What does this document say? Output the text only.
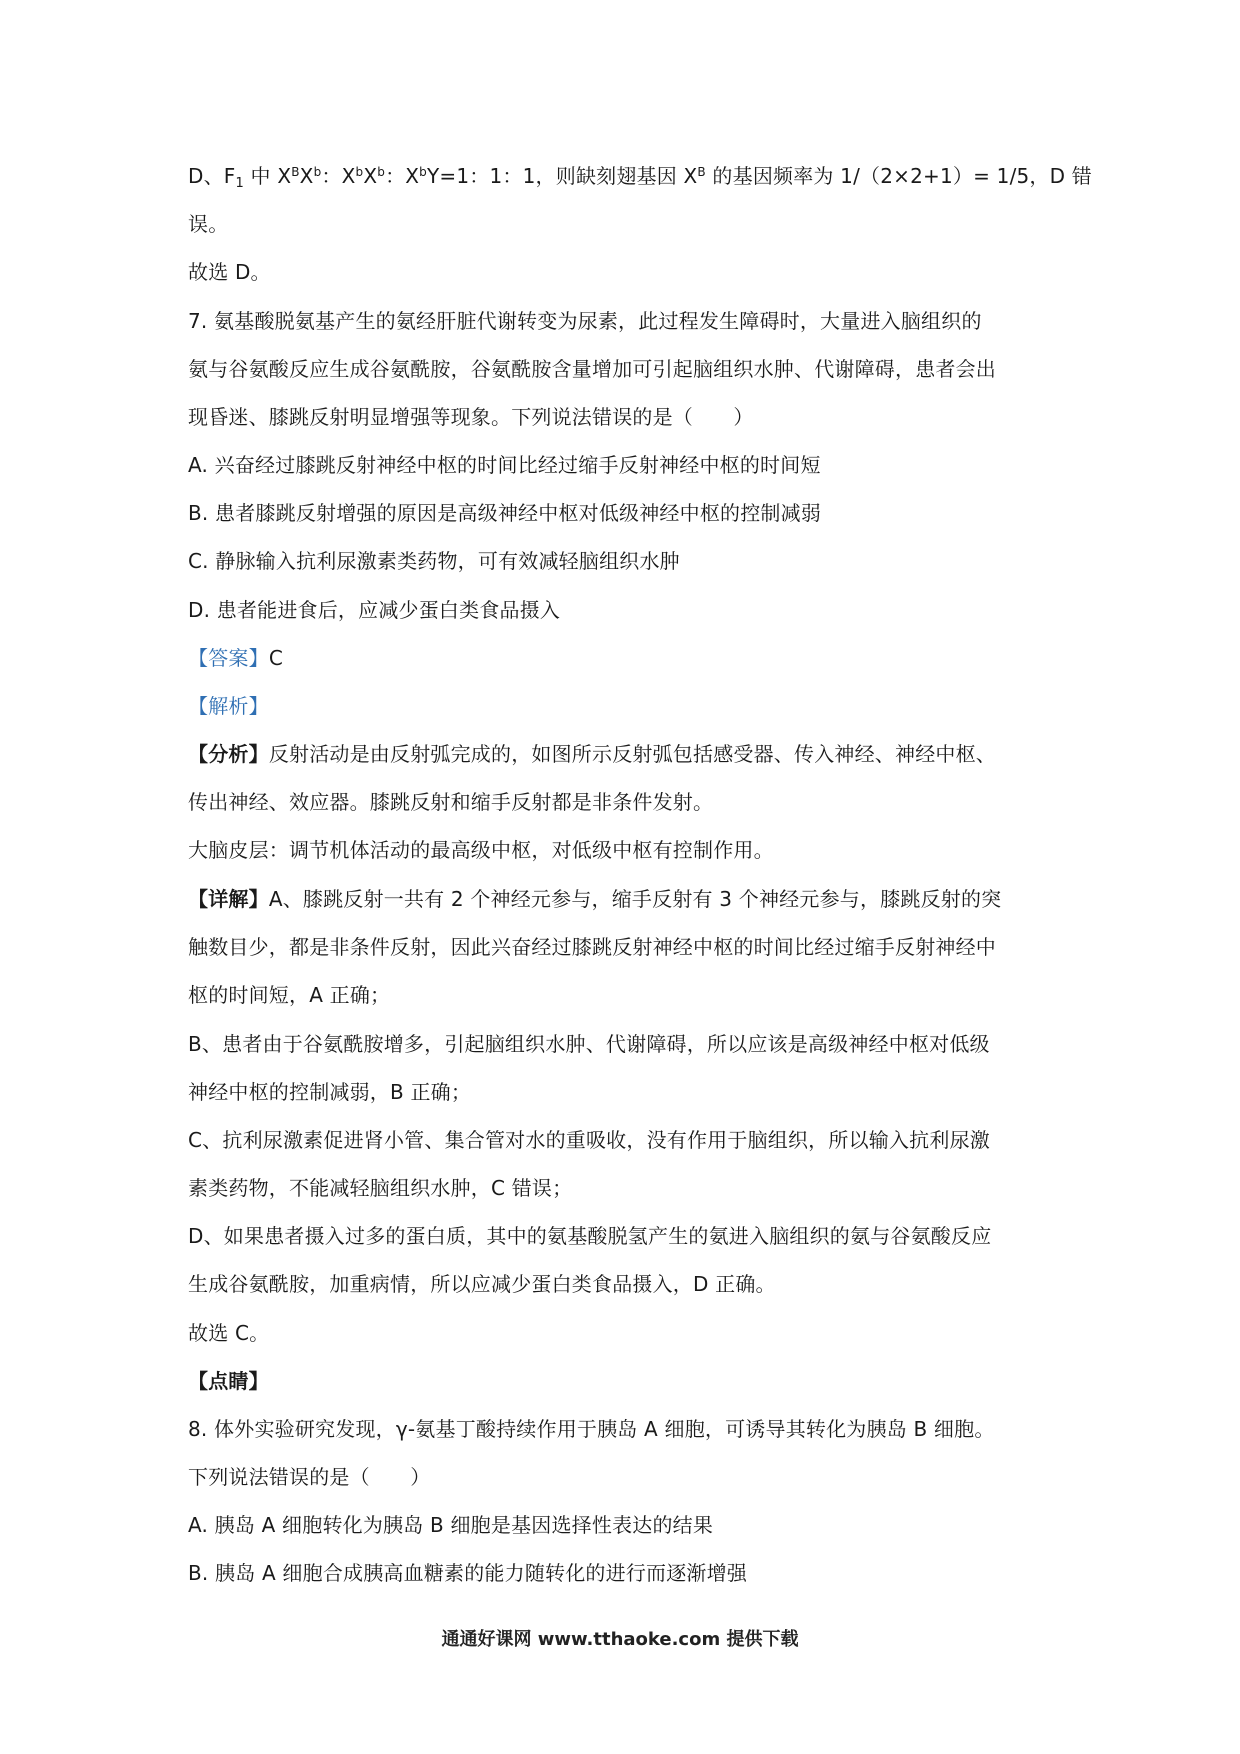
D、$F_1$ 中 $X^BX^b$：$X^bX^b$：$X^bY=1$：1：1，则缺刻翅基因 $X^B$ 的基因频率为 1/（2×2+1）= 1/5，D 错
误。
故选 D。
7. 氨基酸脱氨基产生的氨经肝脏代谢转变为尿素，此过程发生障碍时，大量进入脑组织的
氨与谷氨酸反应生成谷氨酰胺，谷氨酰胺含量增加可引起脑组织水肿、代谢障碍，患者会出
现昏迷、膝跳反射明显增强等现象。下列说法错误的是（　　）
A. 兴奋经过膝跳反射神经中枢的时间比经过缩手反射神经中枢的时间短
B. 患者膝跳反射增强的原因是高级神经中枢对低级神经中枢的控制减弱
C. 静脉输入抗利尿激素类药物，可有效减轻脑组织水肿
D. 患者能进食后，应减少蛋白类食品摄入
【答案】C
【解析】
【分析】反射活动是由反射弧完成的，如图所示反射弧包括感受器、传入神经、神经中枢、
传出神经、效应器。膝跳反射和缩手反射都是非条件发射。
大脑皮层：调节机体活动的最高级中枢，对低级中枢有控制作用。
【详解】A、膝跳反射一共有 2 个神经元参与，缩手反射有 3 个神经元参与，膝跳反射的突
触数目少，都是非条件反射，因此兴奋经过膝跳反射神经中枢的时间比经过缩手反射神经中
枢的时间短，A 正确；
B、患者由于谷氨酰胺增多，引起脑组织水肿、代谢障碍，所以应该是高级神经中枢对低级
神经中枢的控制减弱，B 正确；
C、抗利尿激素促进肾小管、集合管对水的重吸收，没有作用于脑组织，所以输入抗利尿激
素类药物，不能减轻脑组织水肿，C 错误；
D、如果患者摄入过多的蛋白质，其中的氨基酸脱氢产生的氨进入脑组织的氨与谷氨酸反应
生成谷氨酰胺，加重病情，所以应减少蛋白类食品摄入，D 正确。
故选 C。
【点睛】
8. 体外实验研究发现，γ-氨基丁酸持续作用于胰岛 A 细胞，可诱导其转化为胰岛 B 细胞。
下列说法错误的是（　　）
A. 胰岛 A 细胞转化为胰岛 B 细胞是基因选择性表达的结果
B. 胰岛 A 细胞合成胰高血糖素的能力随转化的进行而逐渐增强
通通好课网 www.tthaoke.com 提供下载
